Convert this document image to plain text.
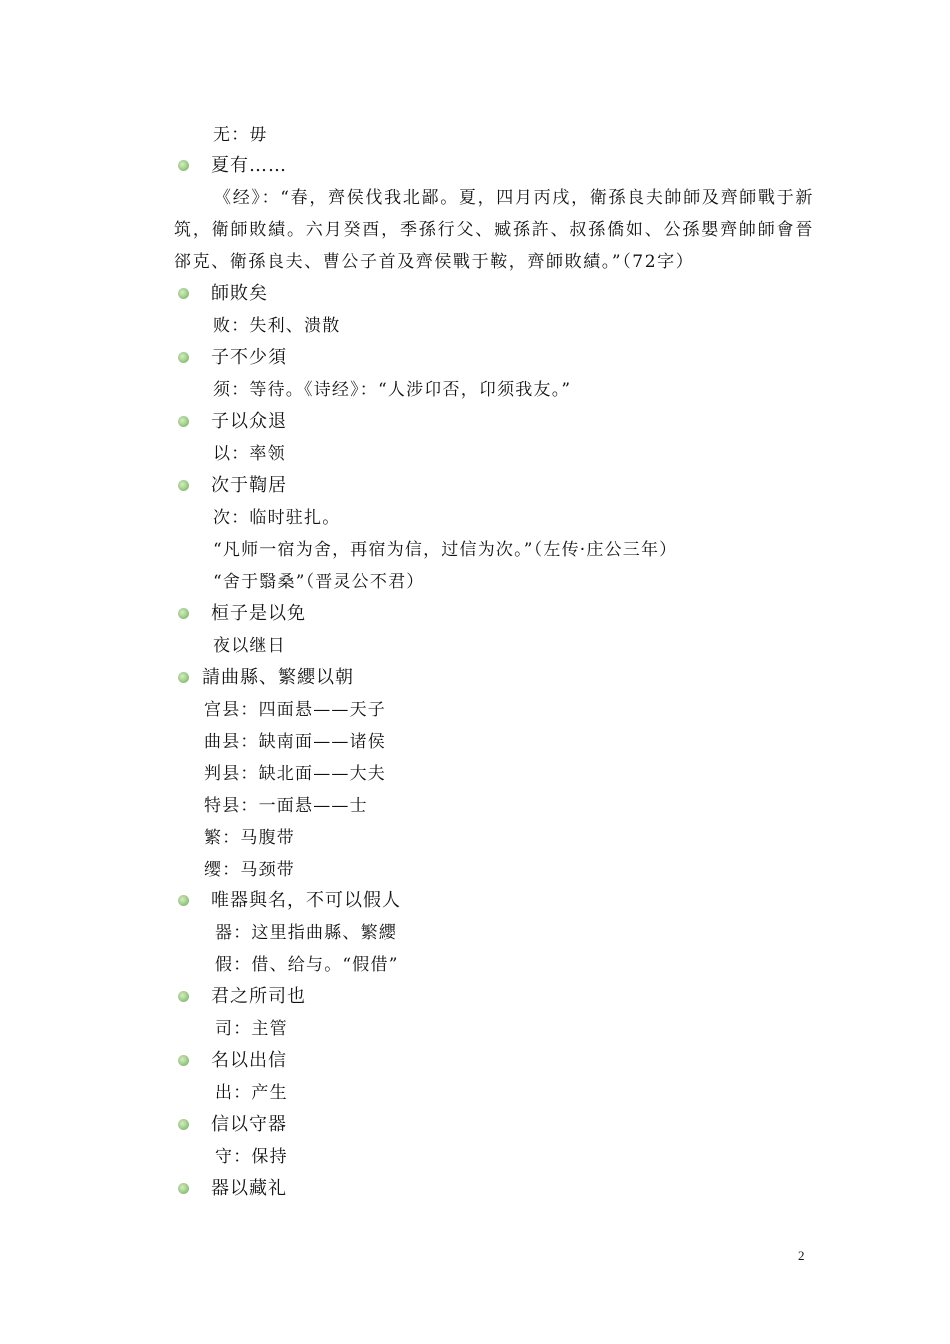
无：毋
夏有……
《经》：“春，齊侯伐我北鄙。夏，四月丙戌，衛孫良夫帥師及齊師戰于新筑，衛師敗績。六月癸酉，季孫行父、臧孫許、叔孫僑如、公孫嬰齊帥師會晉郤克、衛孫良夫、曹公子首及齊侯戰于鞍，齊師敗績。”（72字）
師敗矣
败：失利、溃散
子不少須
须：等待。《诗经》：“人涉卬否，卬须我友。”
子以众退
以：率领
次于鞫居
次：临时驻扎。
“凡师一宿为舍，再宿为信，过信为次。”（左传·庄公三年）
“舍于翳桑”（晋灵公不君）
桓子是以免
夜以继日
請曲縣、繁纓以朝
宫县：四面悬——天子
曲县：缺南面——诸侯
判县：缺北面——大夫
特县：一面悬——士
繁：马腹带
缨：马颈带
唯器與名，不可以假人
器：这里指曲縣、繁纓
假：借、给与。“假借”
君之所司也
司：主管
名以出信
出：产生
信以守器
守：保持
器以藏礼
2
